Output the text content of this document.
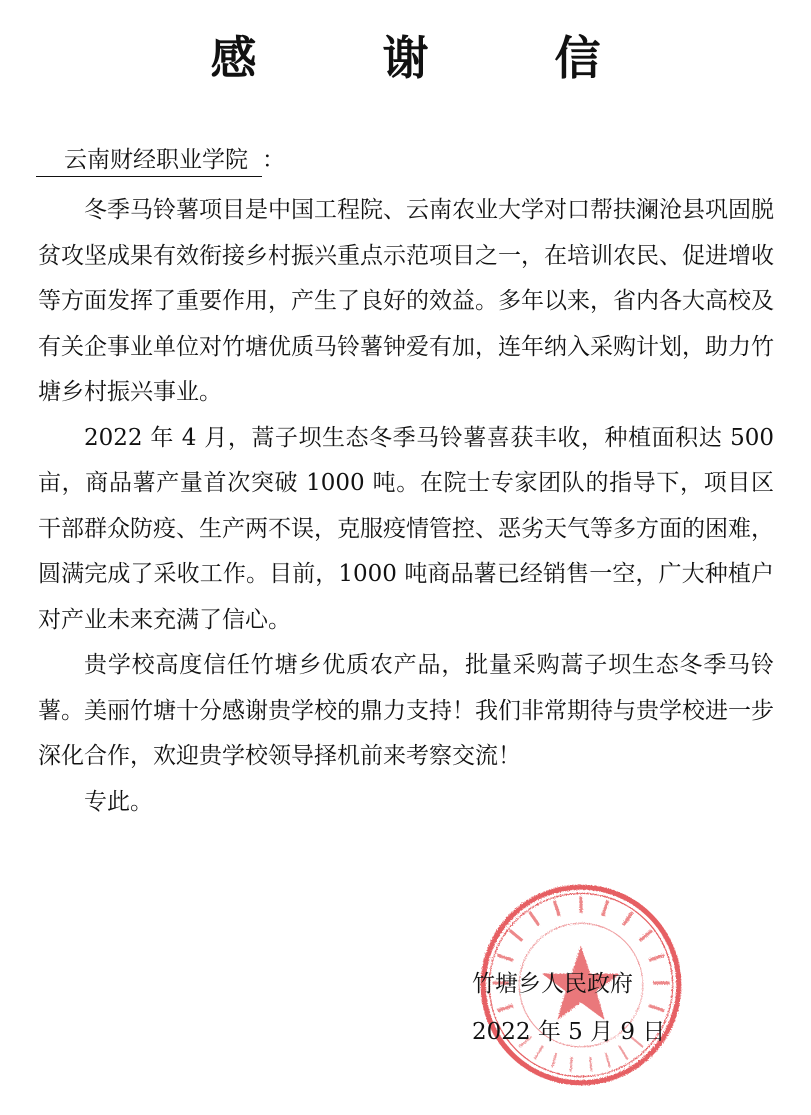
感　谢　信
云南财经职业学院 ：

冬季马铃薯项目是中国工程院、云南农业大学对口帮扶澜沧县巩固脱贫攻坚成果有效衔接乡村振兴重点示范项目之一，在培训农民、促进增收等方面发挥了重要作用，产生了良好的效益。多年以来，省内各大高校及有关企事业单位对竹塘优质马铃薯钟爱有加，连年纳入采购计划，助力竹塘乡村振兴事业。

2022 年 4 月，蒿子坝生态冬季马铃薯喜获丰收，种植面积达 500 亩，商品薯产量首次突破 1000 吨。在院士专家团队的指导下，项目区干部群众防疫、生产两不误，克服疫情管控、恶劣天气等多方面的困难，圆满完成了采收工作。目前，1000 吨商品薯已经销售一空，广大种植户对产业未来充满了信心。

贵学校高度信任竹塘乡优质农产品，批量采购蒿子坝生态冬季马铃薯。美丽竹塘十分感谢贵学校的鼎力支持！我们非常期待与贵学校进一步深化合作，欢迎贵学校领导择机前来考察交流！

专此。

竹塘乡人民政府
2022 年 5 月 9 日
